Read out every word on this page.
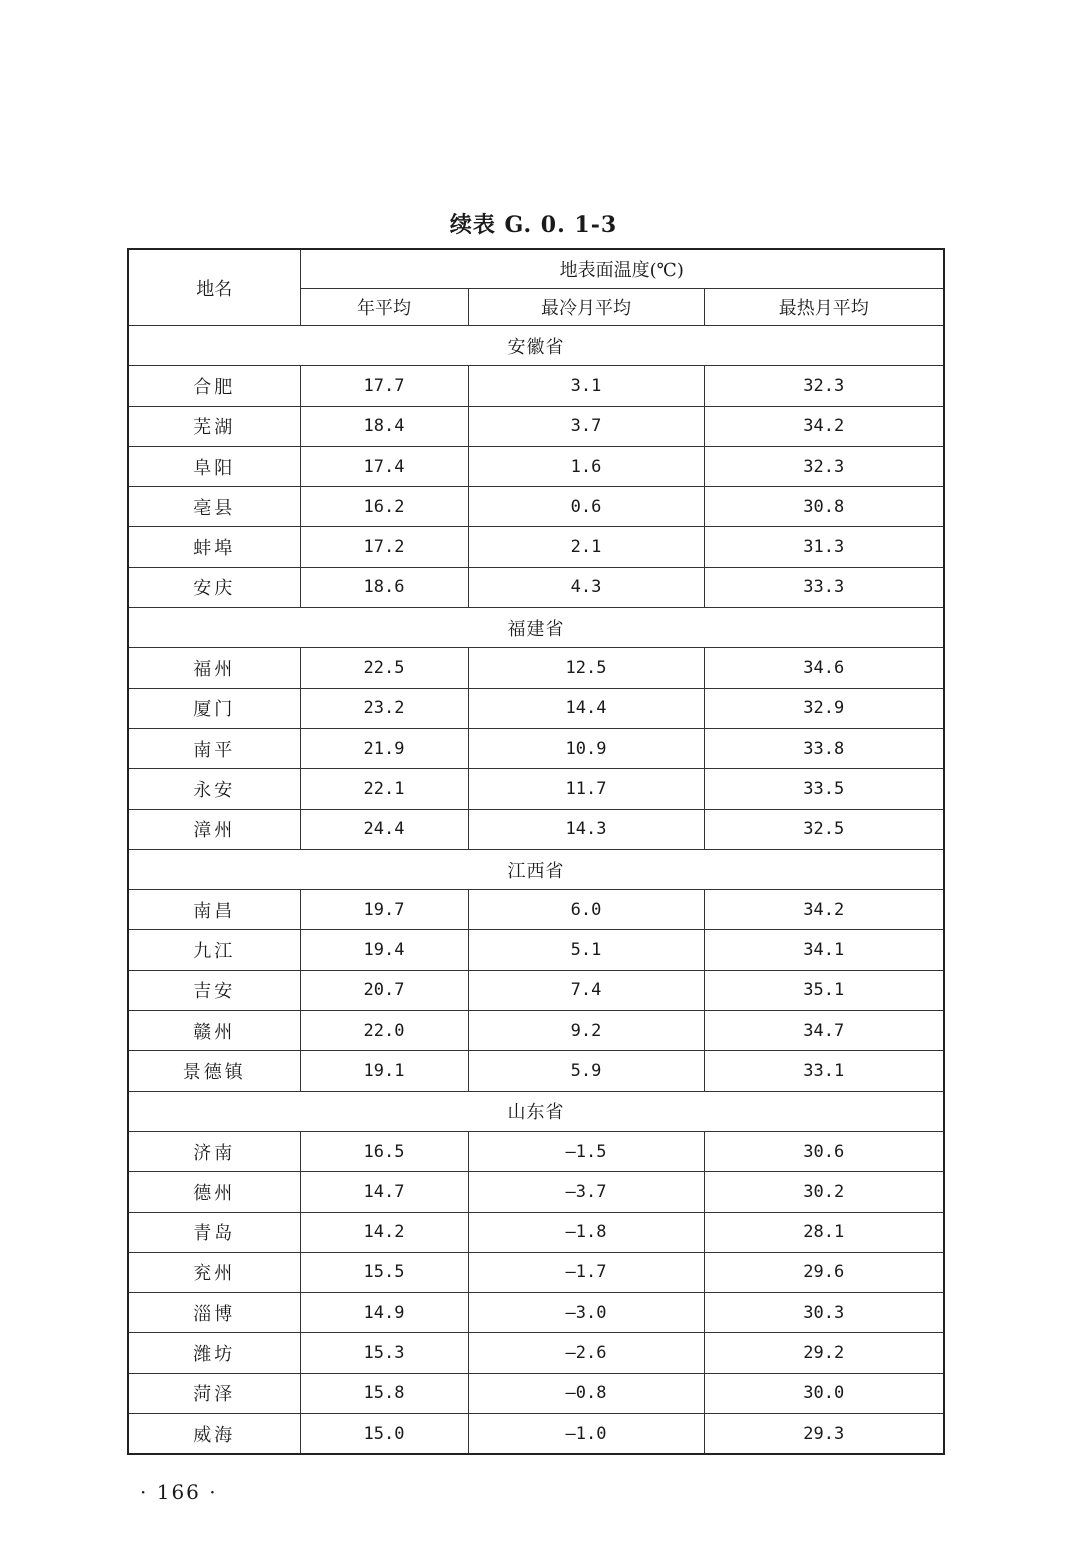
续表 G. 0. 1-3
地名	地表面温度(℃)		
	年平均	最冷月平均	最热月平均
安徽省			
合肥	17.7	3.1	32.3
芜湖	18.4	3.7	34.2
阜阳	17.4	1.6	32.3
亳县	16.2	0.6	30.8
蚌埠	17.2	2.1	31.3
安庆	18.6	4.3	33.3
福建省			
福州	22.5	12.5	34.6
厦门	23.2	14.4	32.9
南平	21.9	10.9	33.8
永安	22.1	11.7	33.5
漳州	24.4	14.3	32.5
江西省			
南昌	19.7	6.0	34.2
九江	19.4	5.1	34.1
吉安	20.7	7.4	35.1
赣州	22.0	9.2	34.7
景德镇	19.1	5.9	33.1
山东省			
济南	16.5	—1.5	30.6
德州	14.7	—3.7	30.2
青岛	14.2	—1.8	28.1
兖州	15.5	—1.7	29.6
淄博	14.9	—3.0	30.3
潍坊	15.3	—2.6	29.2
菏泽	15.8	—0.8	30.0
威海	15.0	—1.0	29.3
· 166 ·
